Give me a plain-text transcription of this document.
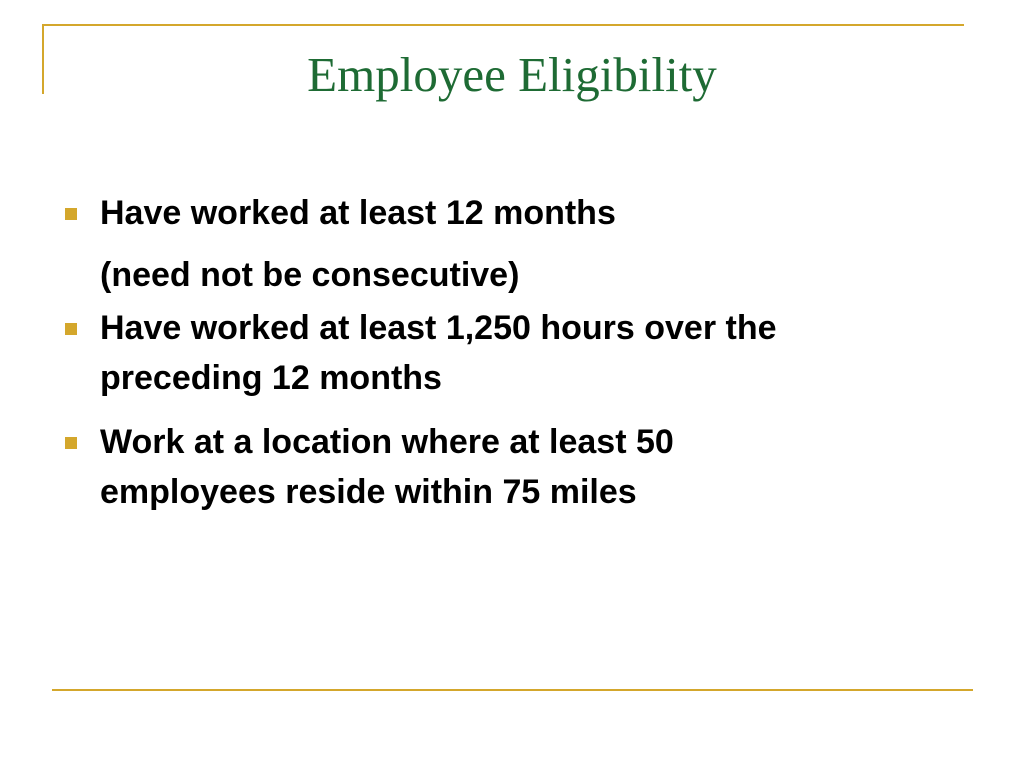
Employee Eligibility
Have worked at least 12 months
(need not be consecutive)
Have worked at least 1,250 hours over the
preceding 12 months
Work at a location where at least 50
employees reside within 75 miles
